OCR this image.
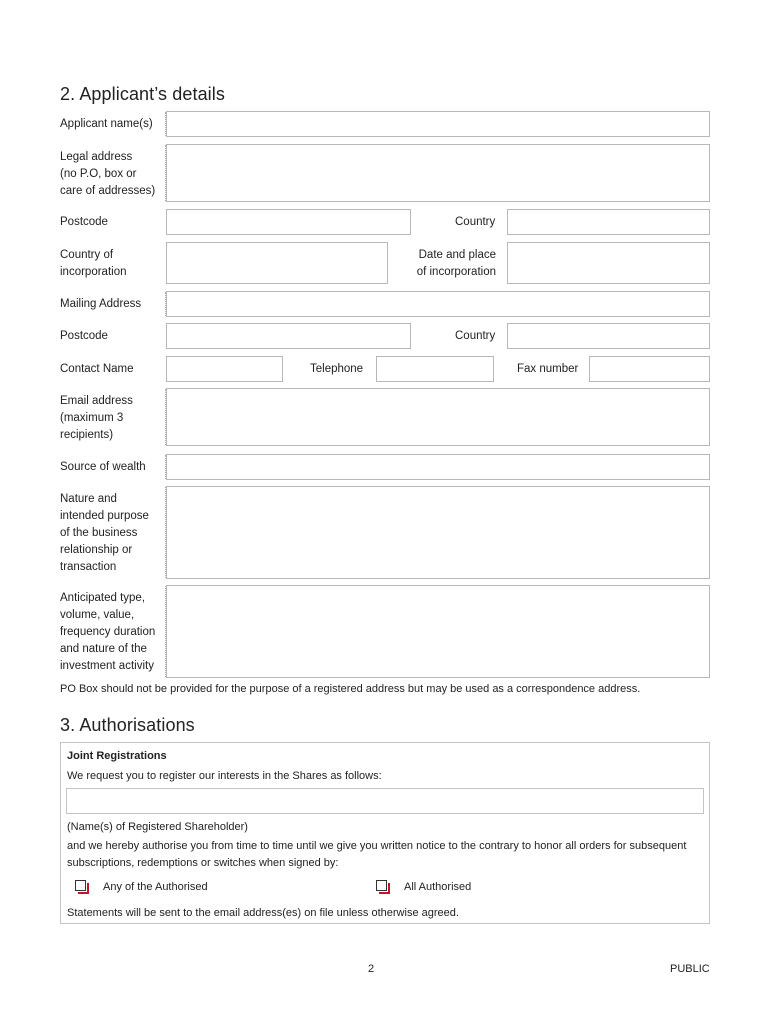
2. Applicant’s details
Applicant name(s)
Legal address
(no P.O, box or
care of addresses)
Postcode	Country
Country of
incorporation
Date and place
of incorporation
Mailing Address
Postcode	Country
Contact Name	Telephone	Fax number
Email address
(maximum 3
recipients)
Source of wealth
Nature and
intended purpose
of the business
relationship or
transaction
Anticipated type,
volume, value,
frequency duration
and nature of the
investment activity
PO Box should not be provided for the purpose of a registered address but may be used as a correspondence address.
3. Authorisations
Joint Registrations
We request you to register our interests in the Shares as follows:
(Name(s) of Registered Shareholder)
and we hereby authorise you from time to time until we give you written notice to the contrary to honor all orders for subsequent subscriptions, redemptions or switches when signed by:
Any of the Authorised	All Authorised
Statements will be sent to the email address(es) on file unless otherwise agreed.
2	PUBLIC
